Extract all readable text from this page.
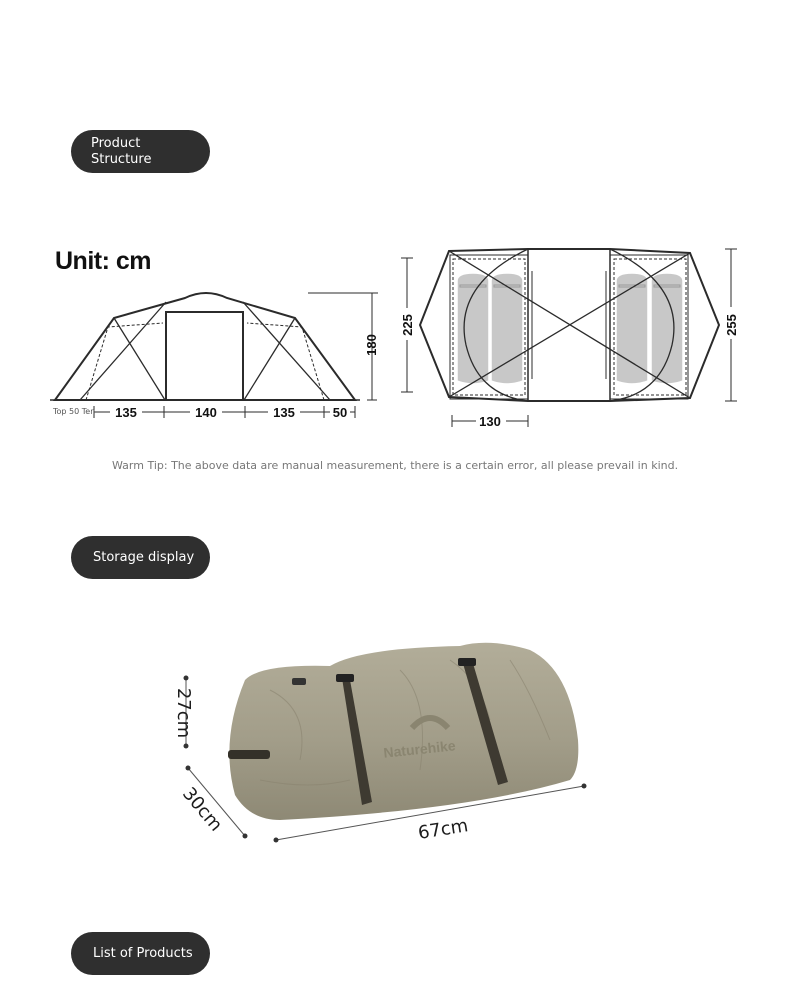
Product
Structure
Unit: cm
180
135	140	135	50
Top 50 Ten
225	255
130
Warm Tip: The above data are manual measurement, there is a certain error, all please prevail in kind.
Storage display
Naturehike
27cm
30cm	67cm
List of Products
